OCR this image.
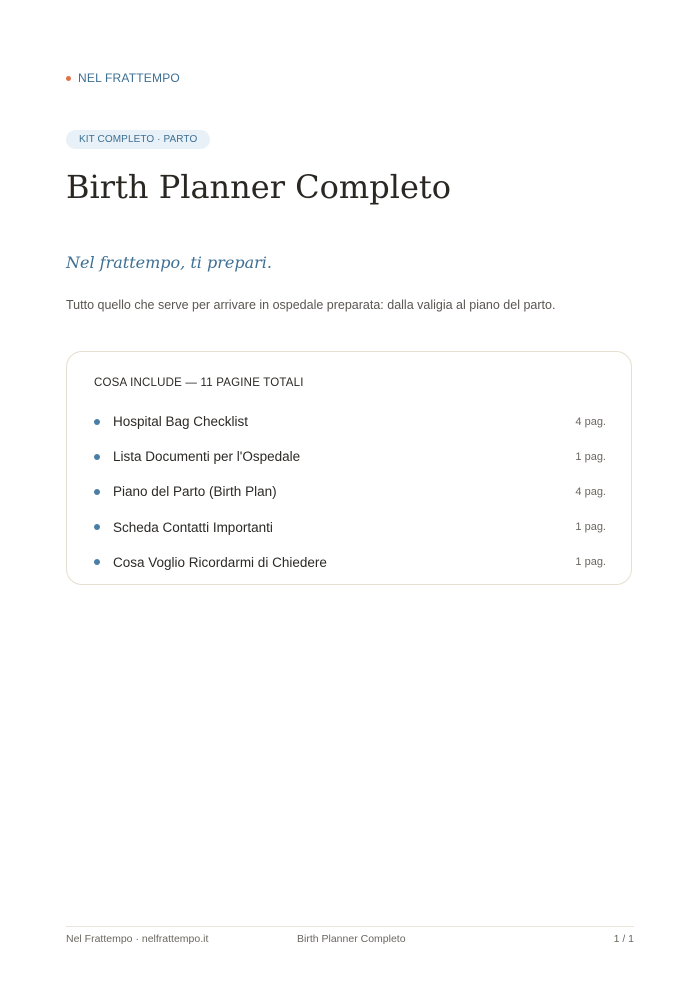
NEL FRATTEMPO
KIT COMPLETO · PARTO
Birth Planner Completo
Nel frattempo, ti prepari.
Tutto quello che serve per arrivare in ospedale preparata: dalla valigia al piano del parto.
COSA INCLUDE — 11 PAGINE TOTALI
Hospital Bag Checklist	4 pag.
Lista Documenti per l'Ospedale	1 pag.
Piano del Parto (Birth Plan)	4 pag.
Scheda Contatti Importanti	1 pag.
Cosa Voglio Ricordarmi di Chiedere	1 pag.
Nel Frattempo · nelfrattempo.it	Birth Planner Completo	1 / 1
